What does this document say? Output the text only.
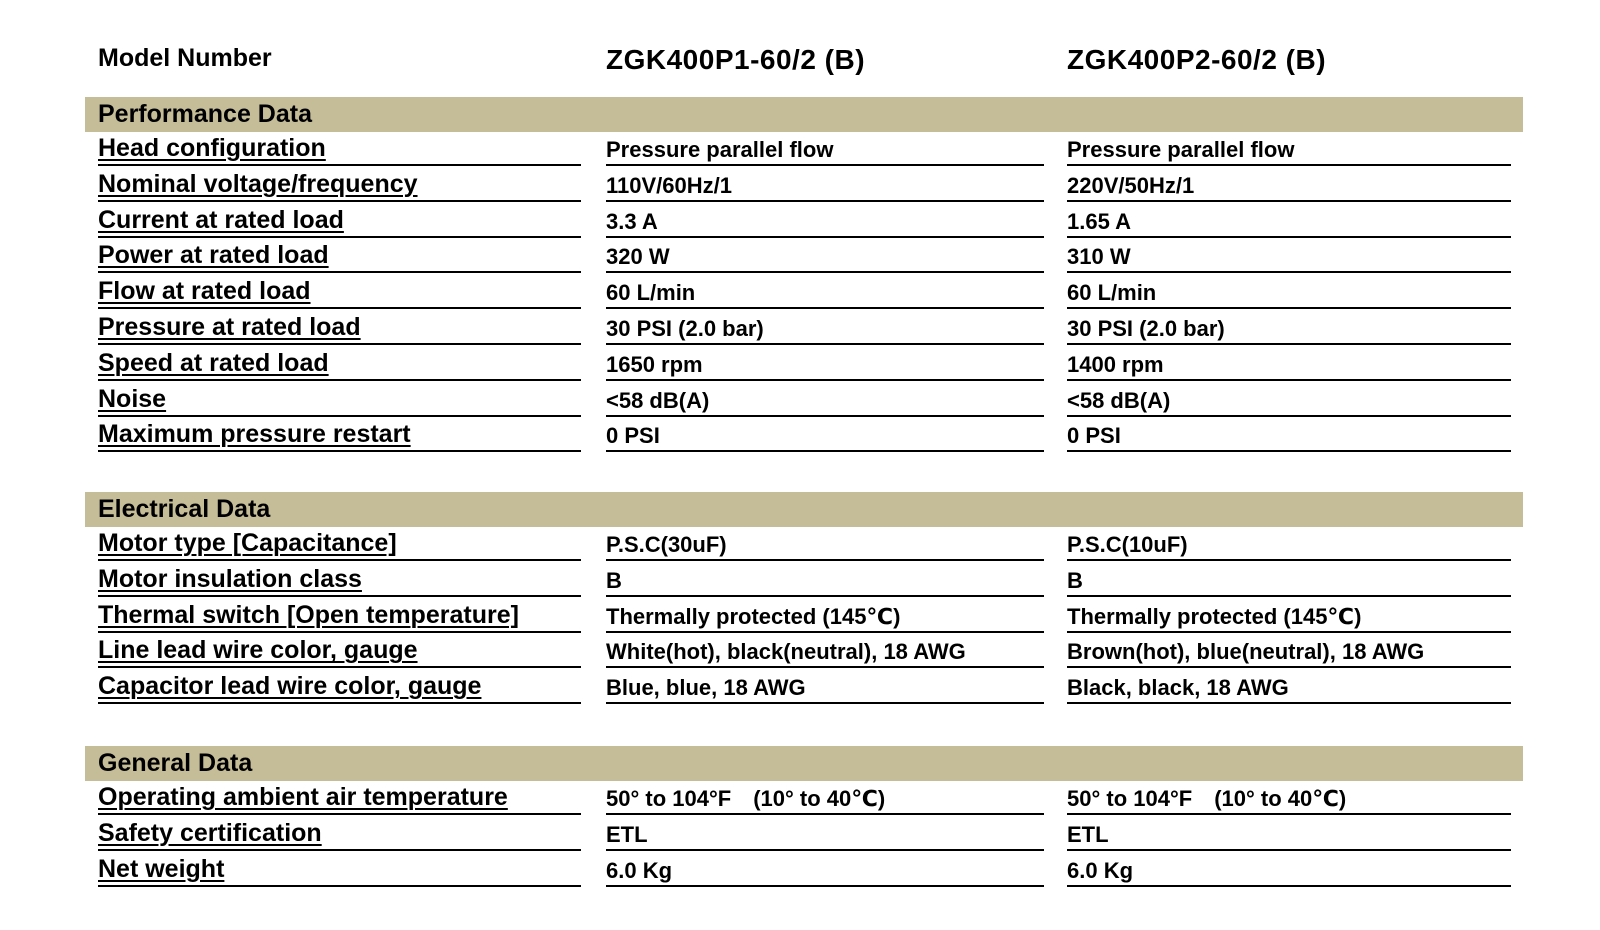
Model Number	ZGK400P1-60/2 (B)	ZGK400P2-60/2 (B)
Performance Data
Head configuration	Pressure parallel flow	Pressure parallel flow
Nominal voltage/frequency	110V/60Hz/1	220V/50Hz/1
Current at rated load	3.3 A	1.65 A
Power at rated load	320 W	310 W
Flow at rated load	60 L/min	60 L/min
Pressure at rated load	30 PSI (2.0 bar)	30 PSI (2.0 bar)
Speed at rated load	1650 rpm	1400 rpm
Noise	<58 dB(A)	<58 dB(A)
Maximum pressure restart	0 PSI	0 PSI
Electrical Data
Motor type [Capacitance]	P.S.C(30uF)	P.S.C(10uF)
Motor insulation class	B	B
Thermal switch [Open temperature]	Thermally protected (145℃)	Thermally protected (145℃)
Line lead wire color, gauge	White(hot), black(neutral), 18 AWG	Brown(hot), blue(neutral), 18 AWG
Capacitor lead wire color, gauge	Blue, blue, 18 AWG	Black, black, 18 AWG
General Data
Operating ambient air temperature	50° to 104°F　(10° to 40℃)	50° to 104°F　(10° to 40℃)
Safety certification	ETL	ETL
Net weight	6.0 Kg	6.0 Kg
